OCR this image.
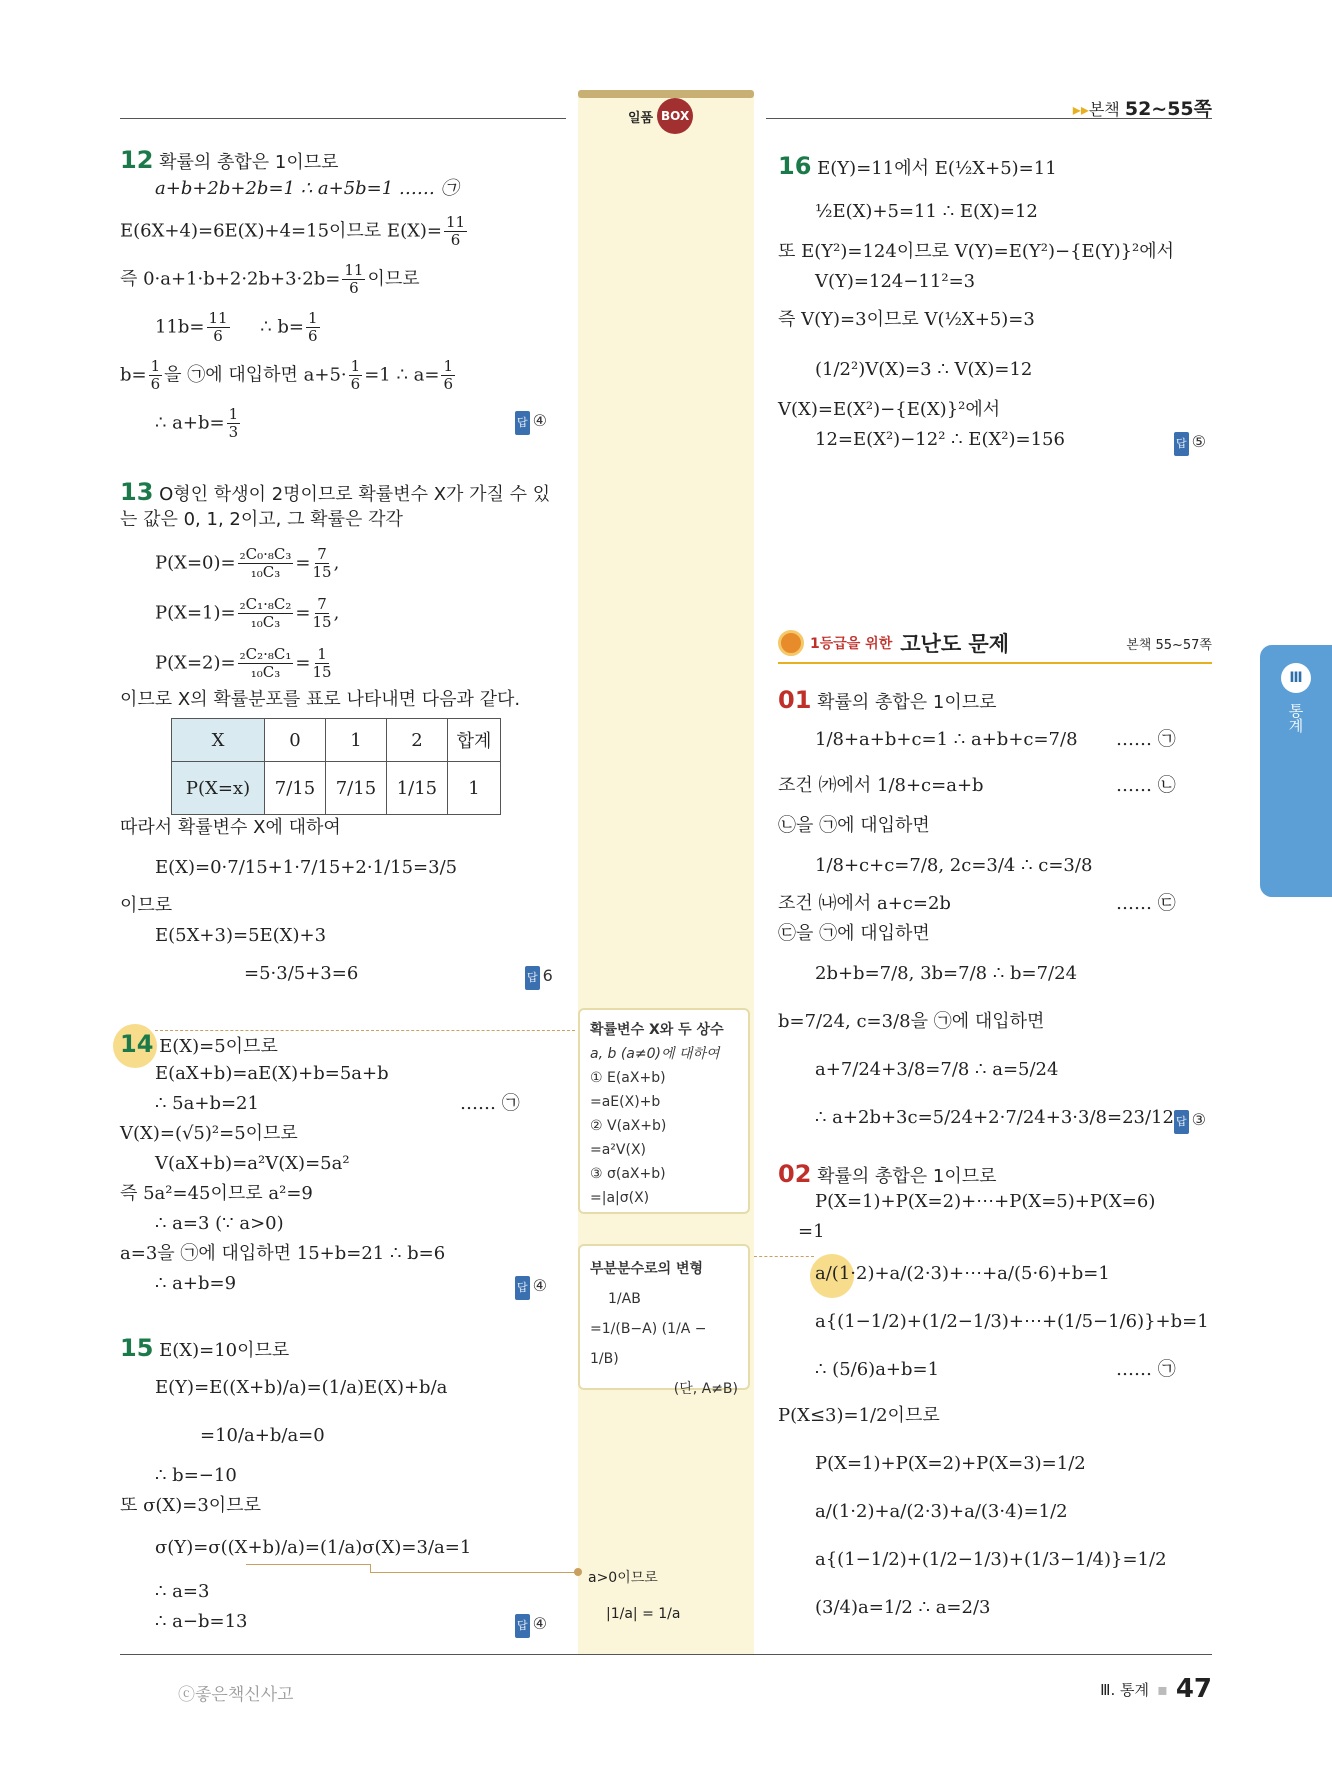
일품 BOX	▸▸본책 52~55쪽
12 확률의 총합은 1이므로
a+b+2b+2b=1 ∴ a+5b=1 …… ㉠
E(6X+4)=6E(X)+4=15이므로 $E(X)= \frac{11}{6}$
즉 $0\cdot a+1\cdot b+2\cdot 2b+3\cdot 2b= \frac{11}{6}$ 이므로
$11b= \frac{11}{6}$ ∴ $b= \frac{1}{6}$
$b= \frac{1}{6}$ 을 ㉠에 대입하면 $a+5\cdot \frac{1}{6} =1$ ∴ $a= \frac{1}{6}$
∴ $a+b= \frac{1}{3}$	답 ④
13 O형인 학생이 2명이므로 확률변수 X가 가질 수 있
는 값은 0, 1, 2이고, 그 확률은 각각
$P(X=0)= \frac{\text{₂C₀·₈C₃}}{\text{₁₀C₃}} = \frac{7}{15}$ ,
$P(X=1)= \frac{\text{₂C₁·₈C₂}}{\text{₁₀C₃}} = \frac{7}{15}$ ,
$P(X=2)= \frac{\text{₂C₂·₈C₁}}{\text{₁₀C₃}} = \frac{1}{15}$
이므로 X의 확률분포를 표로 나타내면 다음과 같다.
X	0	1	2	합계
P(X=x)	7/15	7/15	1/15	1
따라서 확률변수 X에 대하여
E(X)=0·7/15+1·7/15+2·1/15=3/5
이므로
E(5X+3)=5E(X)+3
=5·3/5+3=6	답 6
14 E(X)=5이므로
E(aX+b)=aE(X)+b=5a+b
∴ 5a+b=21	…… ㉠
V(X)=(√5)²=5이므로
V(aX+b)=a²V(X)=5a²
즉 5a²=45이므로 a²=9
∴ a=3 (∵ a>0)
a=3을 ㉠에 대입하면 15+b=21 ∴ b=6
∴ a+b=9	답 ④
15 E(X)=10이므로
E(Y)=E((X+b)/a)=(1/a)E(X)+b/a
=10/a+b/a=0
∴ b=−10
또 σ(X)=3이므로
σ(Y)=σ((X+b)/a)=(1/a)σ(X)=3/a=1
∴ a=3
∴ a−b=13	답 ④
확률변수 X와 두 상수
a, b (a≠0)에 대하여
① E(aX+b)
=aE(X)+b
② V(aX+b)
=a²V(X)
③ σ(aX+b)
=|a|σ(X)
부분분수로의 변형
1/AB
=1/(B−A) (1/A − 1/B)
(단, A≠B)
a>0이므로
|1/a| = 1/a
16 E(Y)=11에서 E(½X+5)=11
½E(X)+5=11 ∴ E(X)=12
또 E(Y²)=124이므로 V(Y)=E(Y²)−{E(Y)}²에서
V(Y)=124−11²=3
즉 V(Y)=3이므로 V(½X+5)=3
(1/2²)V(X)=3 ∴ V(X)=12
V(X)=E(X²)−{E(X)}²에서
12=E(X²)−12² ∴ E(X²)=156	답 ⑤
1등급을 위한 고난도 문제	본책 55~57쪽
01 확률의 총합은 1이므로
1/8+a+b+c=1 ∴ a+b+c=7/8 …… ㉠
조건 ㈎에서 1/8+c=a+b	…… ㉡
㉡을 ㉠에 대입하면
1/8+c+c=7/8, 2c=3/4 ∴ c=3/8
조건 ㈏에서 a+c=2b	…… ㉢
㉢을 ㉠에 대입하면
2b+b=7/8, 3b=7/8 ∴ b=7/24
b=7/24, c=3/8을 ㉠에 대입하면
a+7/24+3/8=7/8 ∴ a=5/24
∴ a+2b+3c=5/24+2·7/24+3·3/8=23/12 답 ③
02 확률의 총합은 1이므로
P(X=1)+P(X=2)+⋯+P(X=5)+P(X=6)
=1
a/(1·2)+a/(2·3)+⋯+a/(5·6)+b=1
a{(1−1/2)+(1/2−1/3)+⋯+(1/5−1/6)}+b=1
∴ (5/6)a+b=1	…… ㉠
P(X≤3)=1/2이므로
P(X=1)+P(X=2)+P(X=3)=1/2
a/(1·2)+a/(2·3)+a/(3·4)=1/2
a{(1−1/2)+(1/2−1/3)+(1/3−1/4)}=1/2
(3/4)a=1/2 ∴ a=2/3
Ⅲ
통계
ⓒ좋은책신사고	Ⅲ. 통계 ▪ 47
